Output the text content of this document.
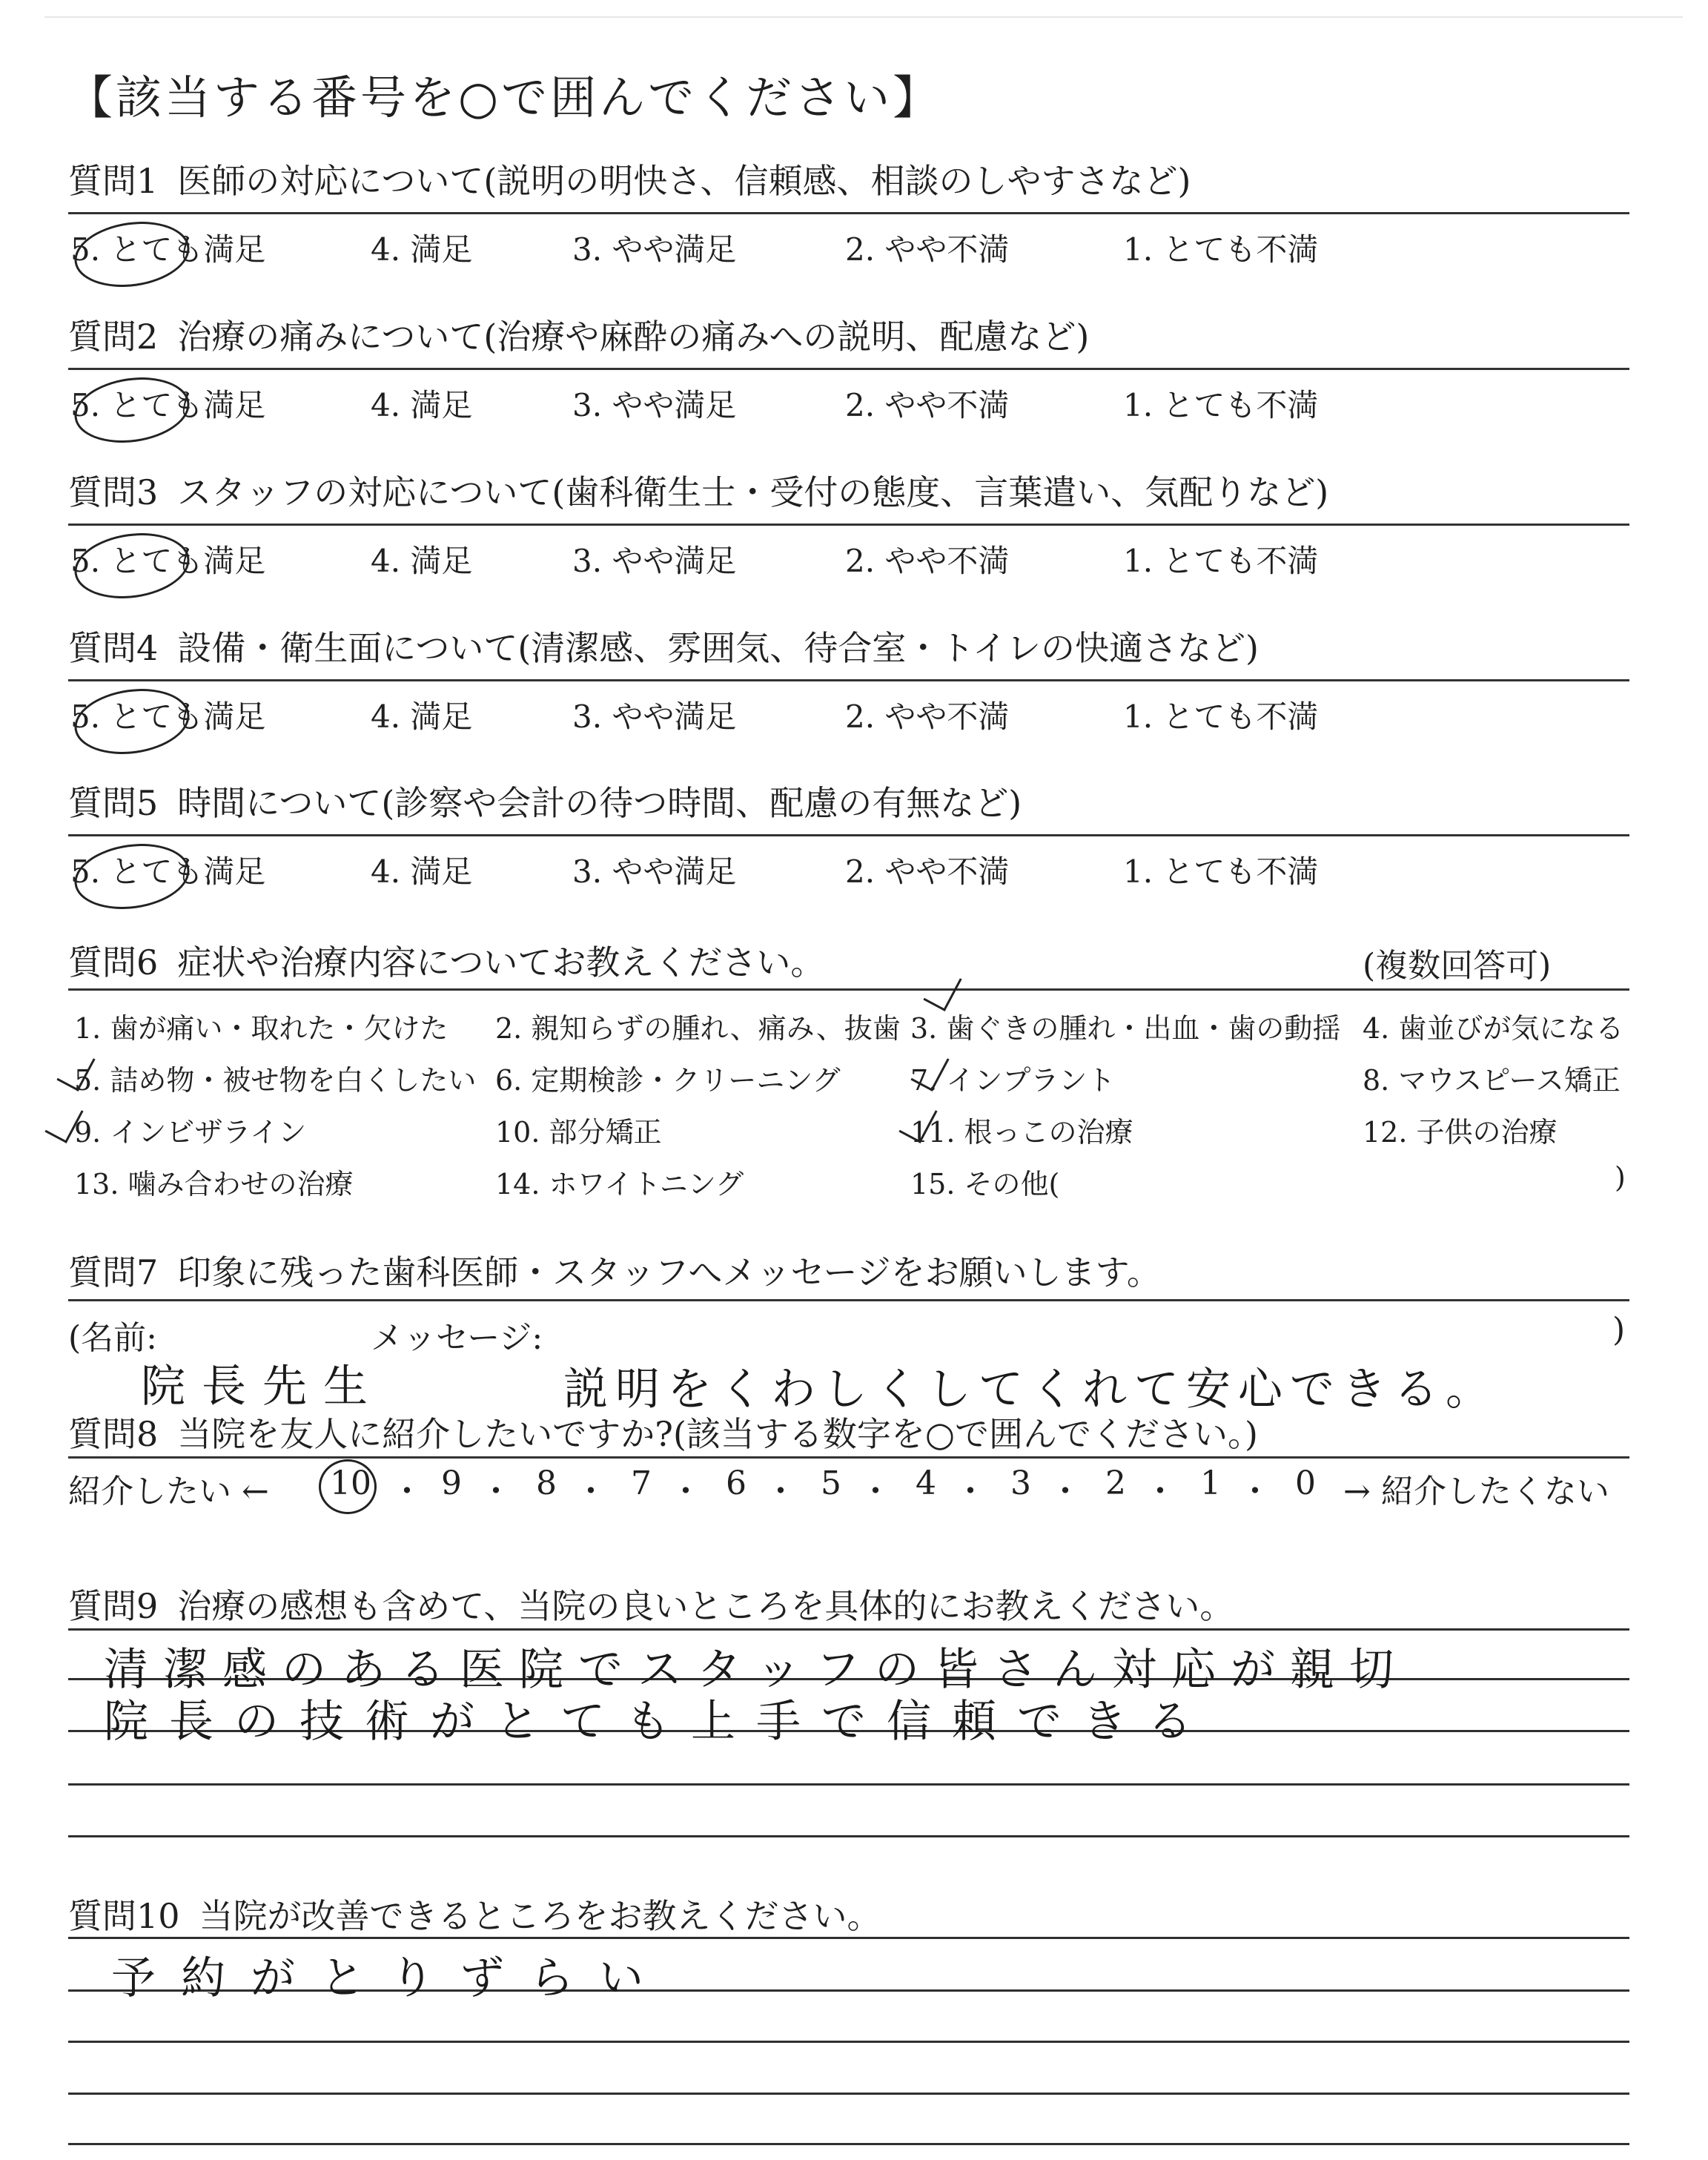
【該当する番号を○で囲んでください】
質問1 医師の対応について(説明の明快さ、信頼感、相談のしやすさなど)
5. とても満足	4. 満足	3. やや満足	2. やや不満	1. とても不満
質問2 治療の痛みについて(治療や麻酔の痛みへの説明、配慮など)
5. とても満足	4. 満足	3. やや満足	2. やや不満	1. とても不満
質問3 スタッフの対応について(歯科衛生士・受付の態度、言葉遣い、気配りなど)
5. とても満足	4. 満足	3. やや満足	2. やや不満	1. とても不満
質問4 設備・衛生面について(清潔感、雰囲気、待合室・トイレの快適さなど)
5. とても満足	4. 満足	3. やや満足	2. やや不満	1. とても不満
質問5 時間について(診察や会計の待つ時間、配慮の有無など)
5. とても満足	4. 満足	3. やや満足	2. やや不満	1. とても不満
質問6 症状や治療内容についてお教えください。	(複数回答可)
1. 歯が痛い・取れた・欠けた 2. 親知らずの腫れ、痛み、抜歯 3. 歯ぐきの腫れ・出血・歯の動揺 4. 歯並びが気になる
5. 詰め物・被せ物を白くしたい 6. 定期検診・クリーニング 7. インプラント	8. マウスピース矯正
9. インビザライン	10. 部分矯正	11. 根っこの治療	12. 子供の治療
13. 噛み合わせの治療	14. ホワイトニング	15. その他(	)
質問7 印象に残った歯科医師・スタッフへメッセージをお願いします。
(名前:	メッセージ:	)
院長先生	説明をくわしくしてくれて安心できる。
質問8 当院を友人に紹介したいですか?(該当する数字を○で囲んでください。)
紹介したい ← 10 ・ 9 ・ 8 ・ 7 ・ 6 ・ 5 ・ 4 ・ 3 ・ 2 ・ 1 ・ 0 → 紹介したくない
質問9 治療の感想も含めて、当院の良いところを具体的にお教えください。
清潔感のある医院でスタッフの皆さん対応が親切
院長の技術がとても上手で信頼できる
質問10 当院が改善できるところをお教えください。
予約がとりずらい
